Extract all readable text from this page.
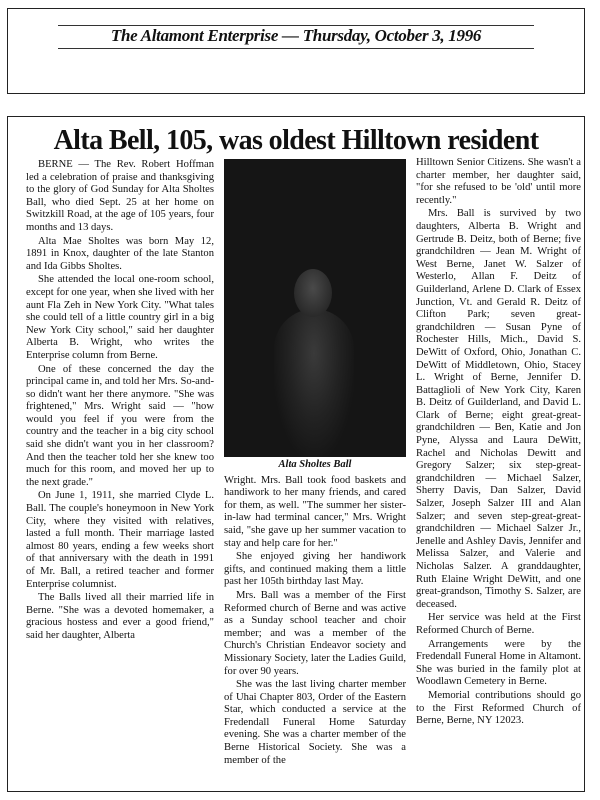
The Altamont Enterprise — Thursday, October 3, 1996
Alta Bell, 105, was oldest Hilltown resident

BERNE — The Rev. Robert Hoffman led a celebration of praise and thanksgiving to the glory of God Sunday for Alta Sholtes Ball, who died Sept. 25 at her home on Switzkill Road, at the age of 105 years, four months and 13 days.

Alta Mae Sholtes was born May 12, 1891 in Knox, daughter of the late Stanton and Ida Gibbs Sholtes.

She attended the local one-room school, except for one year, when she lived with her aunt Fla Zeh in New York City. "What tales she could tell of a little country girl in a big New York City school," said her daughter Alberta B. Wright, who writes the Enterprise column from Berne.

One of these concerned the day the principal came in, and told her Mrs. So-and-so didn't want her there anymore. "She was frightened," Mrs. Wright said — "how would you feel if you were from the country and the teacher in a big city school said she didn't want you in her classroom? And then the teacher told her she knew too much for this room, and moved her up to the next grade."

On June 1, 1911, she married Clyde L. Ball. The couple's honeymoon in New York City, where they visited with relatives, lasted a full month. Their marriage lasted almost 80 years, ending a few weeks short of that anniversary with the death in 1991 of Mr. Ball, a retired teacher and former Enterprise columnist.

The Balls lived all their married life in Berne. "She was a devoted homemaker, a gracious hostess and ever a good friend," said her daughter, Alberta

Alta Sholtes Ball

Wright. Mrs. Ball took food baskets and handiwork to her many friends, and cared for them, as well. "The summer her sister-in-law had terminal cancer," Mrs. Wright said, "she gave up her summer vacation to stay and help care for her."

She enjoyed giving her handiwork gifts, and continued making them a little past her 105th birthday last May.

Mrs. Ball was a member of the First Reformed church of Berne and was active as a Sunday school teacher and choir member; and was a member of the Church's Christian Endeavor society and Missionary Society, later the Ladies Guild, for over 90 years.

She was the last living charter member of Uhai Chapter 803, Order of the Eastern Star, which conducted a service at the Fredendall Funeral Home Saturday evening. She was a charter member of the Berne Historical Society. She was a member of the

Hilltown Senior Citizens. She wasn't a charter member, her daughter said, "for she refused to be 'old' until more recently."

Mrs. Ball is survived by two daughters, Alberta B. Wright and Gertrude B. Deitz, both of Berne; five grandchildren — Jean M. Wright of West Berne, Janet W. Salzer of Westerlo, Allan F. Deitz of Guilderland, Arlene D. Clark of Essex Junction, Vt. and Gerald R. Deitz of Clifton Park; seven great-grandchildren — Susan Pyne of Rochester Hills, Mich., David S. DeWitt of Oxford, Ohio, Jonathan C. DeWitt of Middletown, Ohio, Stacey L. Wright of Berne, Jennifer D. Battaglioli of New York City, Karen B. Deitz of Guilderland, and David L. Clark of Berne; eight great-great-grandchildren — Ben, Katie and Jon Pyne, Alyssa and Laura DeWitt, Rachel and Nicholas Dewitt and Gregory Salzer; six step-great-grandchildren — Michael Salzer, Sherry Davis, Dan Salzer, David Salzer, Joseph Salzer III and Alan Salzer; and seven step-great-great-grandchildren — Michael Salzer Jr., Jenelle and Ashley Davis, Jennifer and Melissa Salzer, and Valerie and Nicholas Salzer. A granddaughter, Ruth Elaine Wright DeWitt, and one great-grandson, Timothy S. Salzer, are deceased.

Her service was held at the First Reformed Church of Berne.

Arrangements were by the Fredendall Funeral Home in Altamont. She was buried in the family plot at Woodlawn Cemetery in Berne.

Memorial contributions should go to the First Reformed Church of Berne, Berne, NY 12023.
